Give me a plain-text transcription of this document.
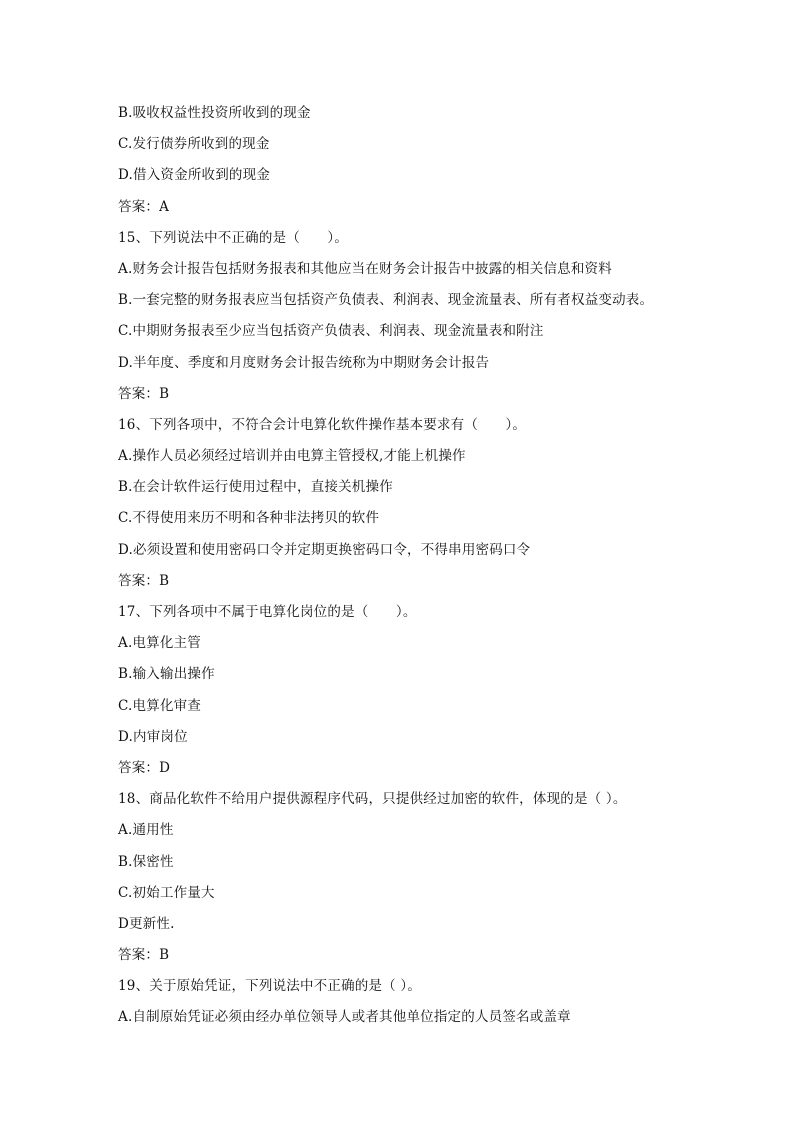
B.吸收权益性投资所收到的现金
C.发行债券所收到的现金
D.借入资金所收到的现金
答案：A
15、下列说法中不正确的是（　　）。
A.财务会计报告包括财务报表和其他应当在财务会计报告中披露的相关信息和资料
B.一套完整的财务报表应当包括资产负债表、利润表、现金流量表、所有者权益变动表。
C.中期财务报表至少应当包括资产负债表、利润表、现金流量表和附注
D.半年度、季度和月度财务会计报告统称为中期财务会计报告
答案：B
16、下列各项中，不符合会计电算化软件操作基本要求有（　　）。
A.操作人员必须经过培训并由电算主管授权,才能上机操作
B.在会计软件运行使用过程中，直接关机操作
C.不得使用来历不明和各种非法拷贝的软件
D.必须设置和使用密码口令并定期更换密码口令，不得串用密码口令
答案：B
17、下列各项中不属于电算化岗位的是（　　）。
A.电算化主管
B.输入输出操作
C.电算化审查
D.内审岗位
答案：D
18、商品化软件不给用户提供源程序代码，只提供经过加密的软件，体现的是（ ）。
A.通用性
B.保密性
C.初始工作量大
D更新性.
答案：B
19、关于原始凭证，下列说法中不正确的是（ ）。
A.自制原始凭证必须由经办单位领导人或者其他单位指定的人员签名或盖章
